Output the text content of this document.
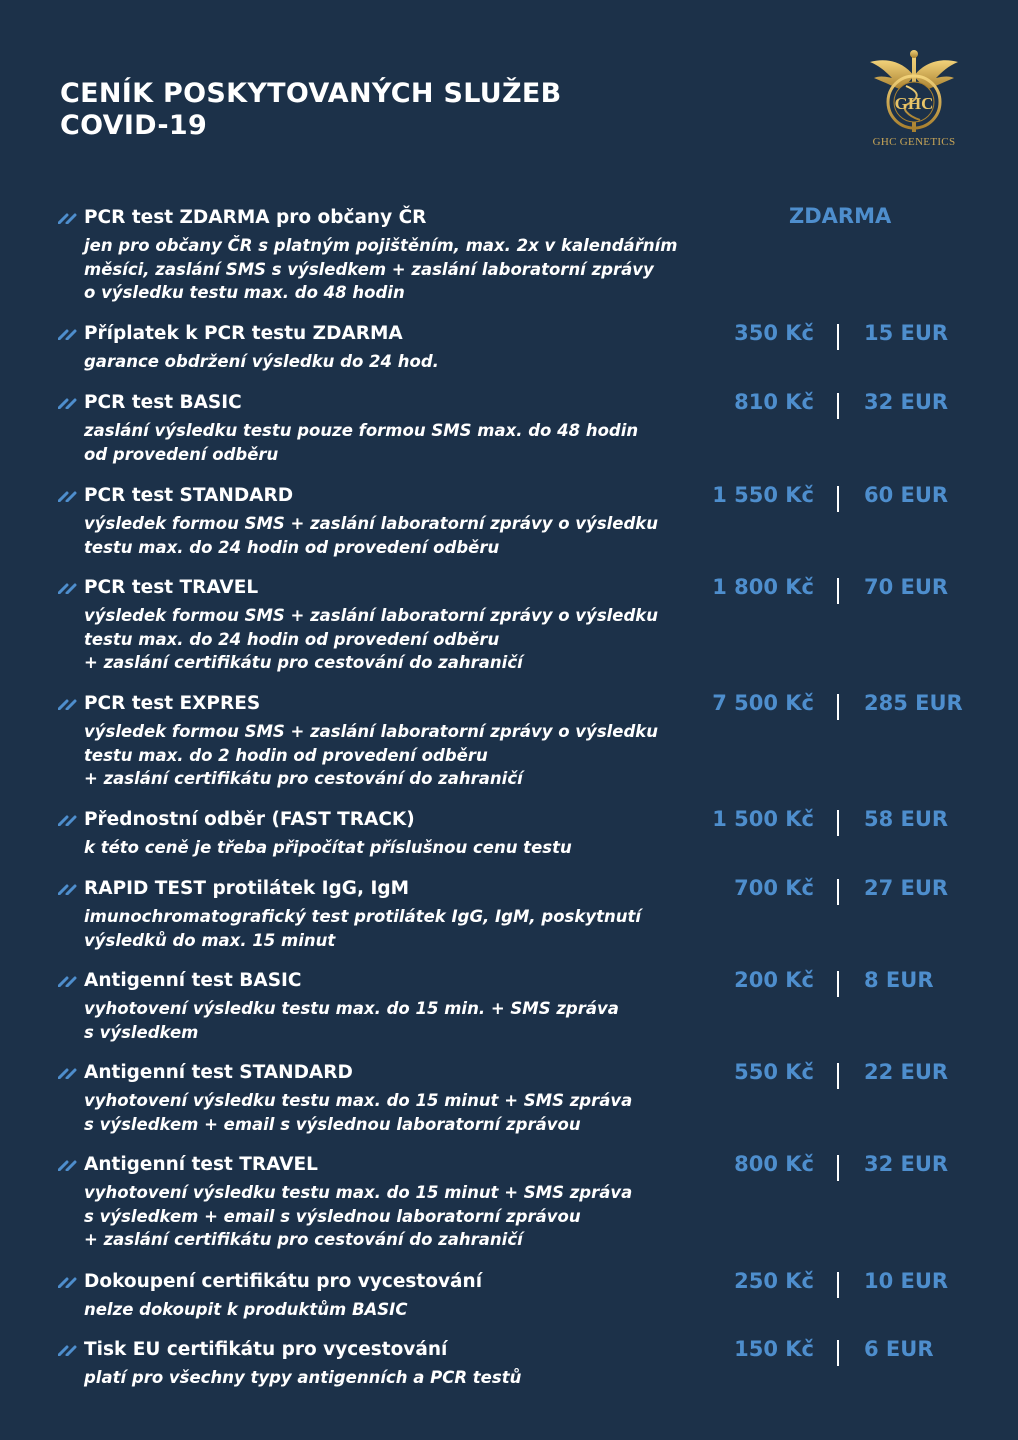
CENÍK POSKYTOVANÝCH SLUŽEB
COVID-19
GHC
GHC GENETICS
PCR test ZDARMA pro občany ČR
jen pro občany ČR s platným pojištěním, max. 2x v kalendářním
měsíci, zaslání SMS s výsledkem + zaslání laboratorní zprávy
o výsledku testu max. do 48 hodin
ZDARMA
Příplatek k PCR testu ZDARMA
garance obdržení výsledku do 24 hod.
350 Kč 15 EUR
PCR test BASIC
zaslání výsledku testu pouze formou SMS max. do 48 hodin
od provedení odběru
810 Kč 32 EUR
PCR test STANDARD
výsledek formou SMS + zaslání laboratorní zprávy o výsledku
testu max. do 24 hodin od provedení odběru
1 550 Kč 60 EUR
PCR test TRAVEL
výsledek formou SMS + zaslání laboratorní zprávy o výsledku
testu max. do 24 hodin od provedení odběru
+ zaslání certifikátu pro cestování do zahraničí
1 800 Kč 70 EUR
PCR test EXPRES
výsledek formou SMS + zaslání laboratorní zprávy o výsledku
testu max. do 2 hodin od provedení odběru
+ zaslání certifikátu pro cestování do zahraničí
7 500 Kč 285 EUR
Přednostní odběr (FAST TRACK)
k této ceně je třeba připočítat příslušnou cenu testu
1 500 Kč 58 EUR
RAPID TEST protilátek IgG, IgM
imunochromatografický test protilátek IgG, IgM, poskytnutí
výsledků do max. 15 minut
700 Kč 27 EUR
Antigenní test BASIC
vyhotovení výsledku testu max. do 15 min. + SMS zpráva
s výsledkem
200 Kč 8 EUR
Antigenní test STANDARD
vyhotovení výsledku testu max. do 15 minut + SMS zpráva
s výsledkem + email s výslednou laboratorní zprávou
550 Kč 22 EUR
Antigenní test TRAVEL
vyhotovení výsledku testu max. do 15 minut + SMS zpráva
s výsledkem + email s výslednou laboratorní zprávou
+ zaslání certifikátu pro cestování do zahraničí
800 Kč 32 EUR
Dokoupení certifikátu pro vycestování
nelze dokoupit k produktům BASIC
250 Kč 10 EUR
Tisk EU certifikátu pro vycestování
platí pro všechny typy antigenních a PCR testů
150 Kč 6 EUR
